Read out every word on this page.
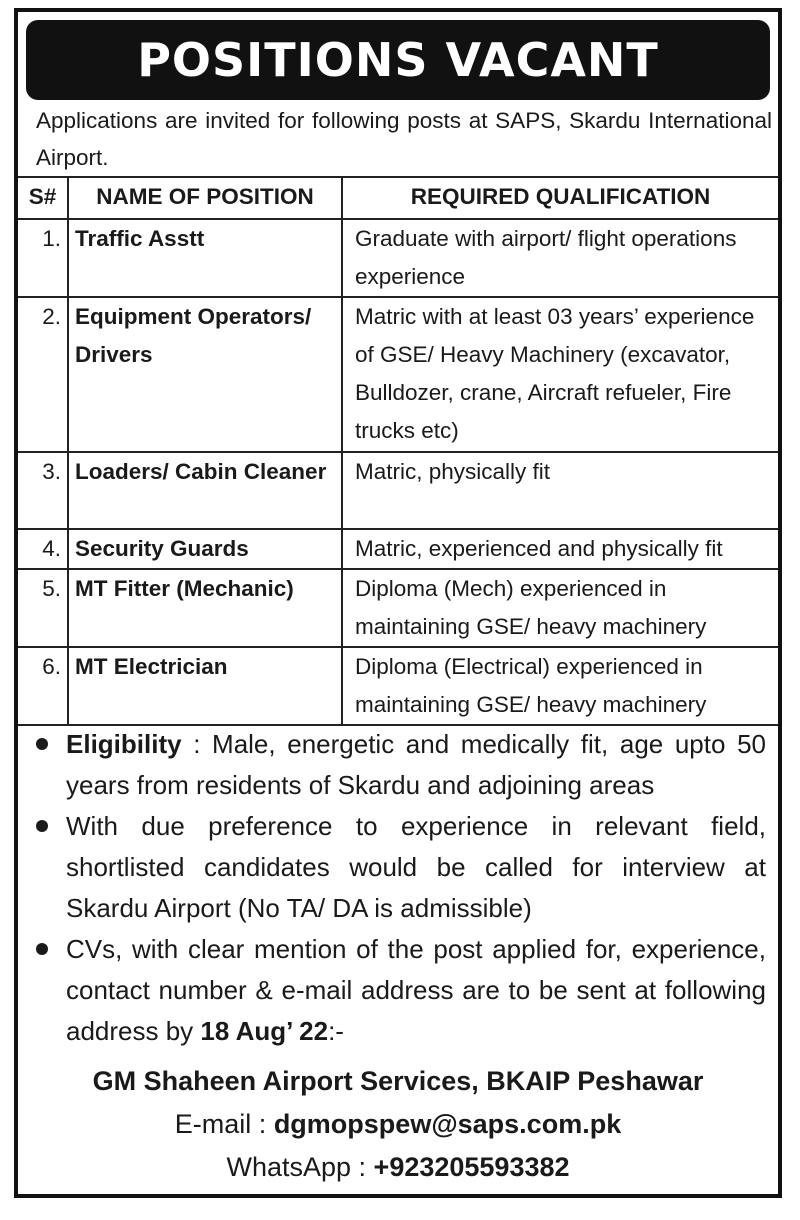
POSITIONS VACANT
Applications are invited for following posts at SAPS, Skardu International Airport.
S#	NAME OF POSITION	REQUIRED QUALIFICATION
1.	Traffic Asstt	Graduate with airport/ flight operations experience
2.	Equipment Operators/ Drivers	Matric with at least 03 years’ experience of GSE/ Heavy Machinery (excavator, Bulldozer, crane, Aircraft refueler, Fire trucks etc)
3.	Loaders/ Cabin Cleaner	Matric, physically fit
4.	Security Guards	Matric, experienced and physically fit
5.	MT Fitter (Mechanic)	Diploma (Mech) experienced in maintaining GSE/ heavy machinery
6.	MT Electrician	Diploma (Electrical) experienced in maintaining GSE/ heavy machinery
Eligibility : Male, energetic and medically fit, age upto 50 years from residents of Skardu and adjoining areas
With due preference to experience in relevant field, shortlisted candidates would be called for interview at Skardu Airport (No TA/ DA is admissible)
CVs, with clear mention of the post applied for, experience, contact number & e-mail address are to be sent at following address by 18 Aug’ 22:-
GM Shaheen Airport Services, BKAIP Peshawar
E-mail : dgmopspew@saps.com.pk
WhatsApp : +923205593382
